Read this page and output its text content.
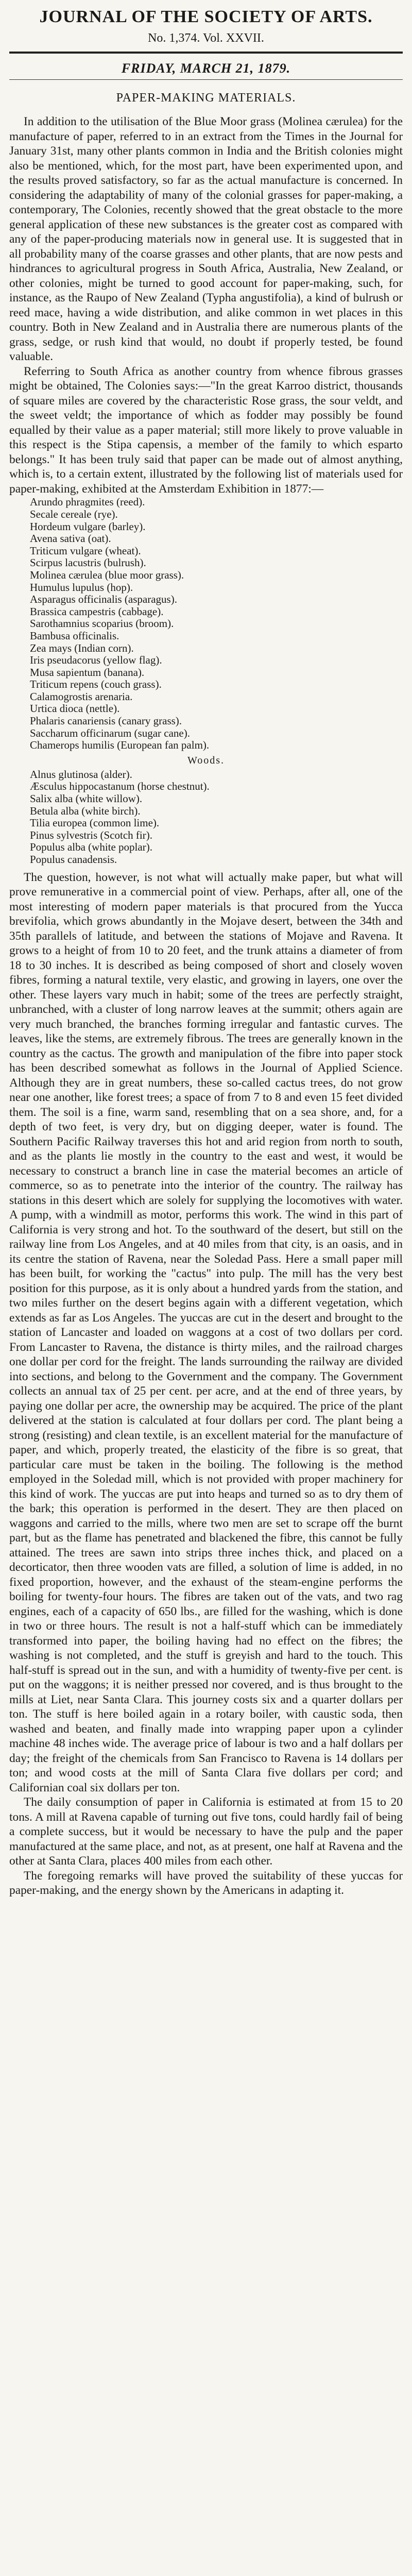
JOURNAL OF THE SOCIETY OF ARTS.
No. 1,374. Vol. XXVII.
FRIDAY, MARCH 21, 1879.
PAPER-MAKING MATERIALS.

In addition to the utilisation of the Blue Moor grass (Molinea cærulea) for the manufacture of paper, referred to in an extract from the Times in the Journal for January 31st, many other plants common in India and the British colonies might also be mentioned, which, for the most part, have been experimented upon, and the results proved satisfactory, so far as the actual manufacture is concerned. In considering the adaptability of many of the colonial grasses for paper-making, a contemporary, The Colonies, recently showed that the great obstacle to the more general application of these new substances is the greater cost as compared with any of the paper-producing materials now in general use. It is suggested that in all probability many of the coarse grasses and other plants, that are now pests and hindrances to agricultural progress in South Africa, Australia, New Zealand, or other colonies, might be turned to good account for paper-making, such, for instance, as the Raupo of New Zealand (Typha angustifolia), a kind of bulrush or reed mace, having a wide distribution, and alike common in wet places in this country. Both in New Zealand and in Australia there are numerous plants of the grass, sedge, or rush kind that would, no doubt if properly tested, be found valuable.

Referring to South Africa as another country from whence fibrous grasses might be obtained, The Colonies says:—"In the great Karroo district, thousands of square miles are covered by the characteristic Rose grass, the sour veldt, and the sweet veldt; the importance of which as fodder may possibly be found equalled by their value as a paper material; still more likely to prove valuable in this respect is the Stipa capensis, a member of the family to which esparto belongs." It has been truly said that paper can be made out of almost anything, which is, to a certain extent, illustrated by the following list of materials used for paper-making, exhibited at the Amsterdam Exhibition in 1877:—

Arundo phragmites (reed).
Secale cereale (rye).
Hordeum vulgare (barley).
Avena sativa (oat).
Triticum vulgare (wheat).
Scirpus lacustris (bulrush).
Molinea cærulea (blue moor grass).
Humulus lupulus (hop).
Asparagus officinalis (asparagus).
Brassica campestris (cabbage).
Sarothamnius scoparius (broom).
Bambusa officinalis.
Zea mays (Indian corn).
Iris pseudacorus (yellow flag).
Musa sapientum (banana).
Triticum repens (couch grass).
Calamogrostis arenaria.
Urtica dioca (nettle).
Phalaris canariensis (canary grass).
Saccharum officinarum (sugar cane).
Chamerops humilis (European fan palm).
Woods.
Alnus glutinosa (alder).
Æsculus hippocastanum (horse chestnut).
Salix alba (white willow).
Betula alba (white birch).
Tilia europea (common lime).
Pinus sylvestris (Scotch fir).
Populus alba (white poplar).
Populus canadensis.

The question, however, is not what will actually make paper, but what will prove remunerative in a commercial point of view. Perhaps, after all, one of the most interesting of modern paper materials is that procured from the Yucca brevifolia, which grows abundantly in the Mojave desert, between the 34th and 35th parallels of latitude, and between the stations of Mojave and Ravena. It grows to a height of from 10 to 20 feet, and the trunk attains a diameter of from 18 to 30 inches. It is described as being composed of short and closely woven fibres, forming a natural textile, very elastic, and growing in layers, one over the other. These layers vary much in habit; some of the trees are perfectly straight, unbranched, with a cluster of long narrow leaves at the summit; others again are very much branched, the branches forming irregular and fantastic curves. The leaves, like the stems, are extremely fibrous. The trees are generally known in the country as the cactus. The growth and manipulation of the fibre into paper stock has been described somewhat as follows in the Journal of Applied Science. Although they are in great numbers, these so-called cactus trees, do not grow near one another, like forest trees; a space of from 7 to 8 and even 15 feet divided them. The soil is a fine, warm sand, resembling that on a sea shore, and, for a depth of two feet, is very dry, but on digging deeper, water is found. The Southern Pacific Railway traverses this hot and arid region from north to south, and as the plants lie mostly in the country to the east and west, it would be necessary to construct a branch line in case the material becomes an article of commerce, so as to penetrate into the interior of the country. The railway has stations in this desert which are solely for supplying the locomotives with water. A pump, with a windmill as motor, performs this work. The wind in this part of California is very strong and hot. To the southward of the desert, but still on the railway line from Los Angeles, and at 40 miles from that city, is an oasis, and in its centre the station of Ravena, near the Soledad Pass. Here a small paper mill has been built, for working the "cactus" into pulp. The mill has the very best position for this purpose, as it is only about a hundred yards from the station, and two miles further on the desert begins again with a different vegetation, which extends as far as Los Angeles. The yuccas are cut in the desert and brought to the station of Lancaster and loaded on waggons at a cost of two dollars per cord. From Lancaster to Ravena, the distance is thirty miles, and the railroad charges one dollar per cord for the freight. The lands surrounding the railway are divided into sections, and belong to the Government and the company. The Government collects an annual tax of 25 per cent. per acre, and at the end of three years, by paying one dollar per acre, the ownership may be acquired. The price of the plant delivered at the station is calculated at four dollars per cord. The plant being a strong (resisting) and clean textile, is an excellent material for the manufacture of paper, and which, properly treated, the elasticity of the fibre is so great, that particular care must be taken in the boiling. The following is the method employed in the Soledad mill, which is not provided with proper machinery for this kind of work. The yuccas are put into heaps and turned so as to dry them of the bark; this operation is performed in the desert. They are then placed on waggons and carried to the mills, where two men are set to scrape off the burnt part, but as the flame has penetrated and blackened the fibre, this cannot be fully attained. The trees are sawn into strips three inches thick, and placed on a decorticator, then three wooden vats are filled, a solution of lime is added, in no fixed proportion, however, and the exhaust of the steam-engine performs the boiling for twenty-four hours. The fibres are taken out of the vats, and two rag engines, each of a capacity of 650 lbs., are filled for the washing, which is done in two or three hours. The result is not a half-stuff which can be immediately transformed into paper, the boiling having had no effect on the fibres; the washing is not completed, and the stuff is greyish and hard to the touch. This half-stuff is spread out in the sun, and with a humidity of twenty-five per cent. is put on the waggons; it is neither pressed nor covered, and is thus brought to the mills at Liet, near Santa Clara. This journey costs six and a quarter dollars per ton. The stuff is here boiled again in a rotary boiler, with caustic soda, then washed and beaten, and finally made into wrapping paper upon a cylinder machine 48 inches wide. The average price of labour is two and a half dollars per day; the freight of the chemicals from San Francisco to Ravena is 14 dollars per ton; and wood costs at the mill of Santa Clara five dollars per cord; and Californian coal six dollars per ton.

The daily consumption of paper in California is estimated at from 15 to 20 tons. A mill at Ravena capable of turning out five tons, could hardly fail of being a complete success, but it would be necessary to have the pulp and the paper manufactured at the same place, and not, as at present, one half at Ravena and the other at Santa Clara, places 400 miles from each other.

The foregoing remarks will have proved the suitability of these yuccas for paper-making, and the energy shown by the Americans in adapting it.
